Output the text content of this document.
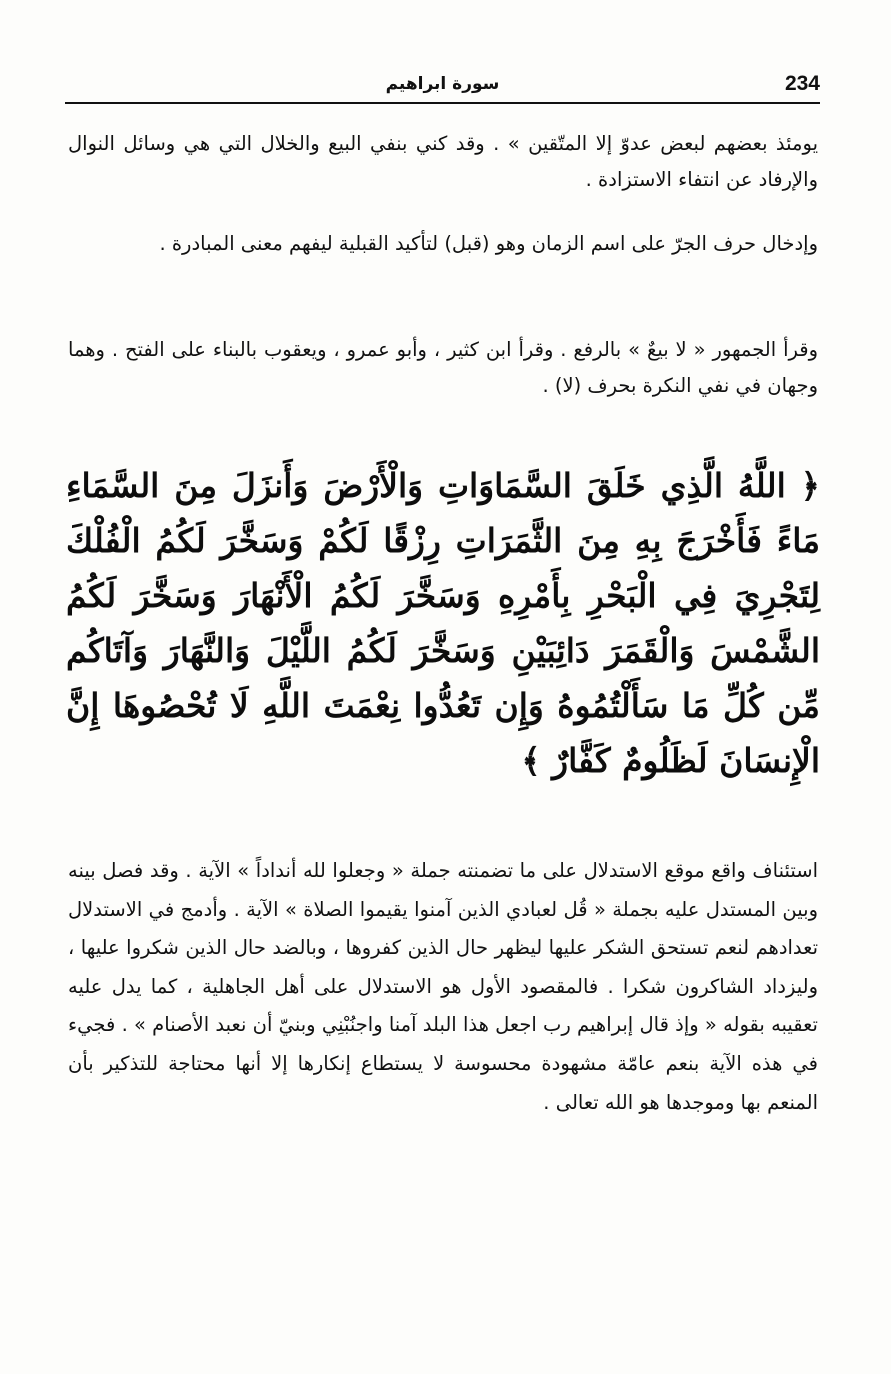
234
سورة ابراهيم
يومئذ بعضهم لبعض عدوّ إلا المتّقين » . وقد كني بنفي البيع والخلال التي هي وسائل النوال والإرفاد عن انتفاء الاستزادة .
وإدخال حرف الجرّ على اسم الزمان وهو (قبل) لتأكيد القبلية ليفهم معنى المبادرة .
وقرأ الجمهور « لا بيعٌ » بالرفع . وقرأ ابن كثير ، وأبو عمرو ، ويعقوب بالبناء على الفتح . وهما وجهان في نفي النكرة بحرف (لا) .
﴿ اللَّهُ الَّذِي خَلَقَ السَّمَاوَاتِ وَالْأَرْضَ وَأَنزَلَ مِنَ السَّمَاءِ مَاءً فَأَخْرَجَ بِهِ مِنَ الثَّمَرَاتِ رِزْقًا لَكُمْ وَسَخَّرَ لَكُمُ الْفُلْكَ لِتَجْرِيَ فِي الْبَحْرِ بِأَمْرِهِ وَسَخَّرَ لَكُمُ الْأَنْهَارَ وَسَخَّرَ لَكُمُ الشَّمْسَ وَالْقَمَرَ دَائِبَيْنِ وَسَخَّرَ لَكُمُ اللَّيْلَ وَالنَّهَارَ وَآتَاكُم مِّن كُلِّ مَا سَأَلْتُمُوهُ وَإِن تَعُدُّوا نِعْمَتَ اللَّهِ لَا تُحْصُوهَا إِنَّ الْإِنسَانَ لَظَلُومٌ كَفَّارٌ ﴾
استئناف واقع موقع الاستدلال على ما تضمنته جملة « وجعلوا لله أنداداً » الآية . وقد فصل بينه وبين المستدل عليه بجملة « قُل لعبادي الذين آمنوا يقيموا الصلاة » الآية . وأدمج في الاستدلال تعدادهم لنعم تستحق الشكر عليها ليظهر حال الذين كفروها ، وبالضد حال الذين شكروا عليها ، وليزداد الشاكرون شكرا . فالمقصود الأول هو الاستدلال على أهل الجاهلية ، كما يدل عليه تعقيبه بقوله « وإذ قال إبراهيم رب اجعل هذا البلد آمنا واجنُبْنِي وبنيّ أن نعبد الأصنام » . فجيء في هذه الآية بنعم عامّة مشهودة محسوسة لا يستطاع إنكارها إلا أنها محتاجة للتذكير بأن المنعم بها وموجدها هو الله تعالى .
